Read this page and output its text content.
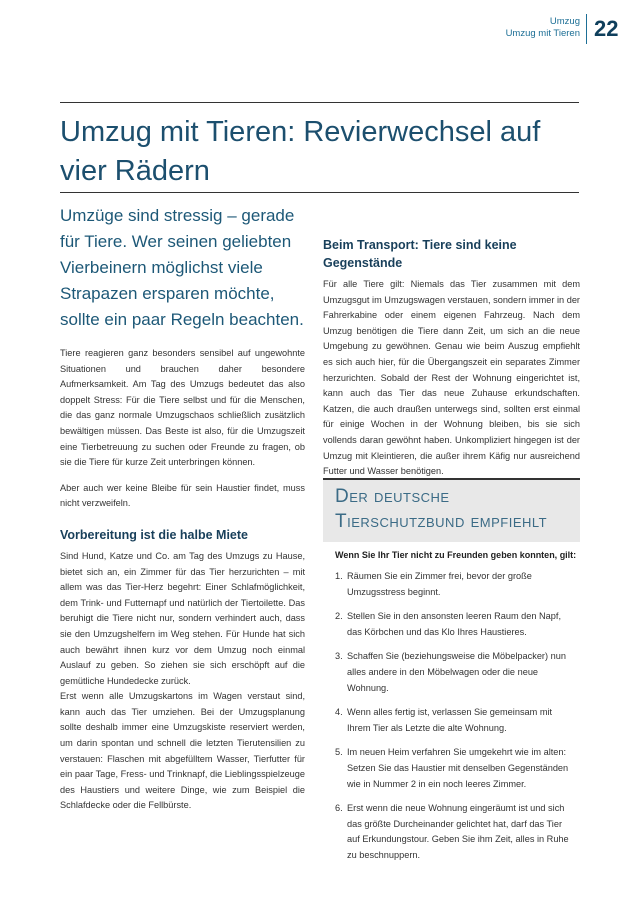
Umzug
Umzug mit Tieren 22
Umzug mit Tieren: Revierwechsel auf vier Rädern

Umzüge sind stressig – gerade für Tiere. Wer seinen geliebten Vierbeinern möglichst viele Strapazen ersparen möchte, sollte ein paar Regeln beachten.

Tiere reagieren ganz besonders sensibel auf ungewohnte Situationen und brauchen daher besondere Aufmerksamkeit. Am Tag des Umzugs bedeutet das also doppelt Stress: Für die Tiere selbst und für die Menschen, die das ganz normale Umzugschaos schließlich zusätzlich bewältigen müssen. Das Beste ist also, für die Umzugszeit eine Tierbetreuung zu suchen oder Freunde zu fragen, ob sie die Tiere für kurze Zeit unterbringen können.

Aber auch wer keine Bleibe für sein Haustier findet, muss nicht verzweifeln.

Vorbereitung ist die halbe Miete

Sind Hund, Katze und Co. am Tag des Umzugs zu Hause, bietet sich an, ein Zimmer für das Tier herzurichten – mit allem was das Tier-Herz begehrt: Einer Schlafmöglichkeit, dem Trink- und Futternapf und natürlich der Tiertoilette. Das beruhigt die Tiere nicht nur, sondern verhindert auch, dass sie den Umzugshelfern im Weg stehen. Für Hunde hat sich auch bewährt ihnen kurz vor dem Umzug noch einmal Auslauf zu geben. So ziehen sie sich erschöpft auf die gemütliche Hundedecke zurück.

Erst wenn alle Umzugskartons im Wagen verstaut sind, kann auch das Tier umziehen. Bei der Umzugsplanung sollte deshalb immer eine Umzugskiste reserviert werden, um darin spontan und schnell die letzten Tierutensilien zu verstauen: Flaschen mit abgefülltem Wasser, Tierfutter für ein paar Tage, Fress- und Trinknapf, die Lieblingsspielzeuge des Haustiers und weitere Dinge, wie zum Beispiel die Schlafdecke oder die Fellbürste.

Beim Transport: Tiere sind keine Gegenstände

Für alle Tiere gilt: Niemals das Tier zusammen mit dem Umzugsgut im Umzugswagen verstauen, sondern immer in der Fahrerkabine oder einem eigenen Fahrzeug. Nach dem Umzug benötigen die Tiere dann Zeit, um sich an die neue Umgebung zu gewöhnen. Genau wie beim Auszug empfiehlt es sich auch hier, für die Übergangszeit ein separates Zimmer herzurichten. Sobald der Rest der Wohnung eingerichtet ist, kann auch das Tier das neue Zuhause erkundschaften. Katzen, die auch draußen unterwegs sind, sollten erst einmal für einige Wochen in der Wohnung bleiben, bis sie sich vollends daran gewöhnt haben. Unkompliziert hingegen ist der Umzug mit Kleintieren, die außer ihrem Käfig nur ausreichend Futter und Wasser benötigen.

Der deutsche Tierschutzbund empfiehlt
Wenn Sie Ihr Tier nicht zu Freunden geben konnten, gilt:
1. Räumen Sie ein Zimmer frei, bevor der große Umzugsstress beginnt.
2. Stellen Sie in den ansonsten leeren Raum den Napf, das Körbchen und das Klo Ihres Haustieres.
3. Schaffen Sie (beziehungsweise die Möbelpacker) nun alles andere in den Möbelwagen oder die neue Wohnung.
4. Wenn alles fertig ist, verlassen Sie gemeinsam mit Ihrem Tier als Letzte die alte Wohnung.
5. Im neuen Heim verfahren Sie umgekehrt wie im alten: Setzen Sie das Haustier mit denselben Gegenständen wie in Nummer 2 in ein noch leeres Zimmer.
6. Erst wenn die neue Wohnung eingeräumt ist und sich das größte Durcheinander gelichtet hat, darf das Tier auf Erkundungstour. Geben Sie ihm Zeit, alles in Ruhe zu beschnuppern.
